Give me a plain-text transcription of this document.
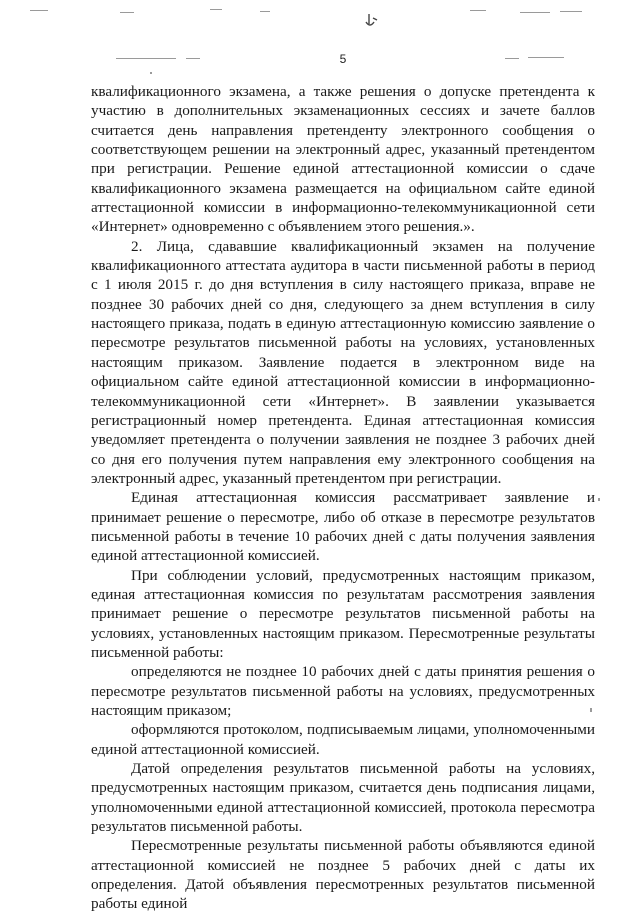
5

квалификационного экзамена, а также решения о допуске претендента к участию в дополнительных экзаменационных сессиях и зачете баллов считается день направления претенденту электронного сообщения о соответствующем решении на электронный адрес, указанный претендентом при регистрации. Решение единой аттестационной комиссии о сдаче квалификационного экзамена размещается на официальном сайте единой аттестационной комиссии в информационно-телекоммуникационной сети «Интернет» одновременно с объявлением этого решения.».

2. Лица, сдававшие квалификационный экзамен на получение квалификационного аттестата аудитора в части письменной работы в период с 1 июля 2015 г. до дня вступления в силу настоящего приказа, вправе не позднее 30 рабочих дней со дня, следующего за днем вступления в силу настоящего приказа, подать в единую аттестационную комиссию заявление о пересмотре результатов письменной работы на условиях, установленных настоящим приказом. Заявление подается в электронном виде на официальном сайте единой аттестационной комиссии в информационно-телекоммуникационной сети «Интернет». В заявлении указывается регистрационный номер претендента. Единая аттестационная комиссия уведомляет претендента о получении заявления не позднее 3 рабочих дней со дня его получения путем направления ему электронного сообщения на электронный адрес, указанный претендентом при регистрации.

Единая аттестационная комиссия рассматривает заявление и принимает решение о пересмотре, либо об отказе в пересмотре результатов письменной работы в течение 10 рабочих дней с даты получения заявления единой аттестационной комиссией.

При соблюдении условий, предусмотренных настоящим приказом, единая аттестационная комиссия по результатам рассмотрения заявления принимает решение о пересмотре результатов письменной работы на условиях, установленных настоящим приказом. Пересмотренные результаты письменной работы:

определяются не позднее 10 рабочих дней с даты принятия решения о пересмотре результатов письменной работы на условиях, предусмотренных настоящим приказом;

оформляются протоколом, подписываемым лицами, уполномоченными единой аттестационной комиссией.

Датой определения результатов письменной работы на условиях, предусмотренных настоящим приказом, считается день подписания лицами, уполномоченными единой аттестационной комиссией, протокола пересмотра результатов письменной работы.

Пересмотренные результаты письменной работы объявляются единой аттестационной комиссией не позднее 5 рабочих дней с даты их определения. Датой объявления пересмотренных результатов письменной работы единой
